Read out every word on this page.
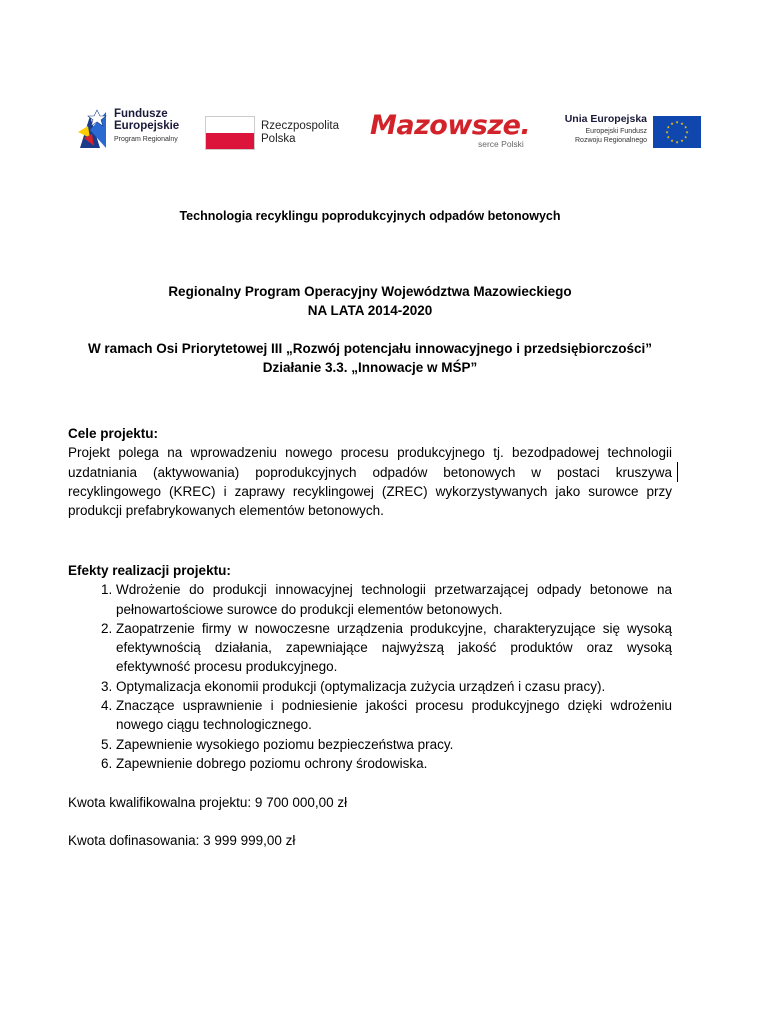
Fundusze
Europejskie
Program Regionalny
Rzeczpospolita
Polska	Mazowsze.
serce Polski
Unia Europejska
Europejski Fundusz
Rozwoju Regionalnego
★ ★
★
★
★
★
★
★
★
★
★
★
Technologia recyklingu poprodukcyjnych odpadów betonowych
Regionalny Program Operacyjny Województwa Mazowieckiego
NA LATA 2014-2020
W ramach Osi Priorytetowej III „Rozwój potencjału innowacyjnego i przedsiębiorczości”
Działanie 3.3. „Innowacje w MŚP”
Cele projektu:
Projekt polega na wprowadzeniu nowego procesu produkcyjnego tj. bezodpadowej technologii uzdatniania (aktywowania) poprodukcyjnych odpadów betonowych w postaci kruszywa recyklingowego (KREC) i zaprawy recyklingowej (ZREC) wykorzystywanych jako surowce przy produkcji prefabrykowanych elementów betonowych.
Efekty realizacji projektu:
1. Wdrożenie do produkcji innowacyjnej technologii przetwarzającej odpady betonowe na pełnowartościowe surowce do produkcji elementów betonowych.
2. Zaopatrzenie firmy w nowoczesne urządzenia produkcyjne, charakteryzujące się wysoką efektywnością działania, zapewniające najwyższą jakość produktów oraz wysoką efektywność procesu produkcyjnego.
3. Optymalizacja ekonomii produkcji (optymalizacja zużycia urządzeń i czasu pracy).
4. Znaczące usprawnienie i podniesienie jakości procesu produkcyjnego dzięki wdrożeniu nowego ciągu technologicznego.
5. Zapewnienie wysokiego poziomu bezpieczeństwa pracy.
6. Zapewnienie dobrego poziomu ochrony środowiska.
Kwota kwalifikowalna projektu: 9 700 000,00 zł
Kwota dofinasowania: 3 999 999,00 zł
